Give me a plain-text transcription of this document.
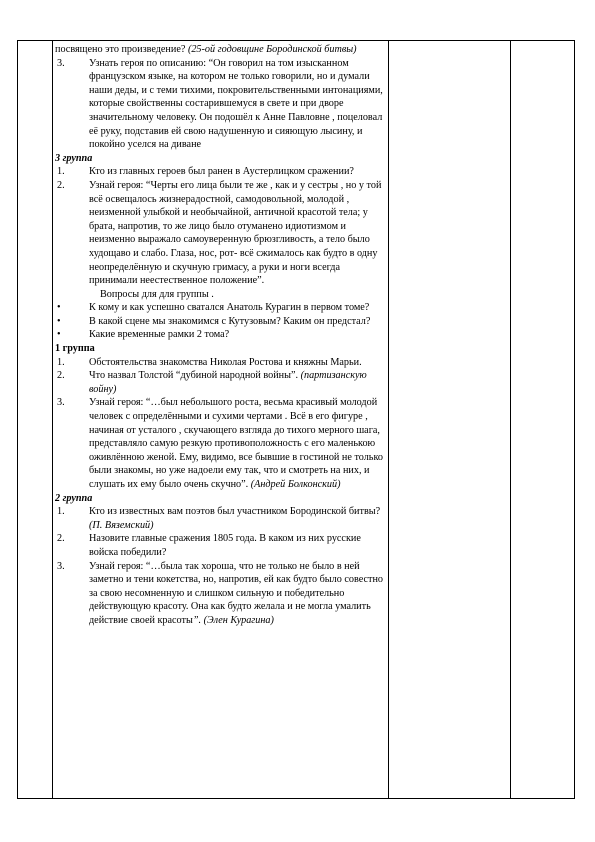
посвящено это произведение? (25-ой годовщине Бородинской битвы)
3.	Узнать героя по описанию: “Он говорил на том изысканном французском языке, на котором не только говорили, но и думали наши деды, и с теми тихими, покровительственными интонациями, которые свойственны состарившемуся в свете и при дворе значительному человеку. Он подошёл к Анне Павловне , поцеловал её руку, подставив ей свою надушенную и сияющую лысину, и покойно уселся на диване
3 группа
1.	Кто из главных героев был ранен в Аустерлицком сражении?
2.	Узнай героя: “Черты его лица были те же , как и у сестры , но у той всё освещалось жизнерадостной, самодовольной, молодой , неизменной улыбкой и необычайной, античной красотой тела; у брата, напротив, то же лицо было отуманено идиотизмом и неизменно выражало самоуверенную брюзгливость, а тело было худощаво и слабо. Глаза, нос, рот- всё сжималось как будто в одну неопределённую и скучную гримасу, а руки и ноги всегда принимали неестественное положение”.
Вопросы для для группы .
•	К кому и как успешно сватался Анатоль Курагин в первом томе?
•	В какой сцене мы знакомимся с Кутузовым? Каким он предстал?
•	Какие временные рамки 2 тома?
1 группа
1.	Обстоятельства знакомства Николая Ростова и княжны Марьи.
2.	Что назвал Толстой “дубиной народной войны”. (партизанскую войну)
3.	Узнай героя: “…был небольшого роста, весьма красивый молодой человек с определёнными и сухими чертами . Всё в его фигуре , начиная от усталого , скучающего взгляда до тихого мерного шага, представляло самую резкую противоположность с его маленькою оживлённою женой. Ему, видимо, все бывшие в гостиной не только были знакомы, но уже надоели ему так, что и смотреть на них, и слушать их ему было очень скучно”. (Андрей Болконский)
2 группа
1.	Кто из известных вам поэтов был участником Бородинской битвы? (П. Вяземский)
2.	Назовите главные сражения 1805 года. В каком из них русские войска победили?
3.	Узнай героя: “…была так хороша, что не только не было в ней заметно и тени кокетства, но, напротив, ей как будто было совестно за свою несомненную и слишком сильную и победительно действующую красоту. Она как будто желала и не могла умалить действие своей красоты”. (Элен Курагина)
